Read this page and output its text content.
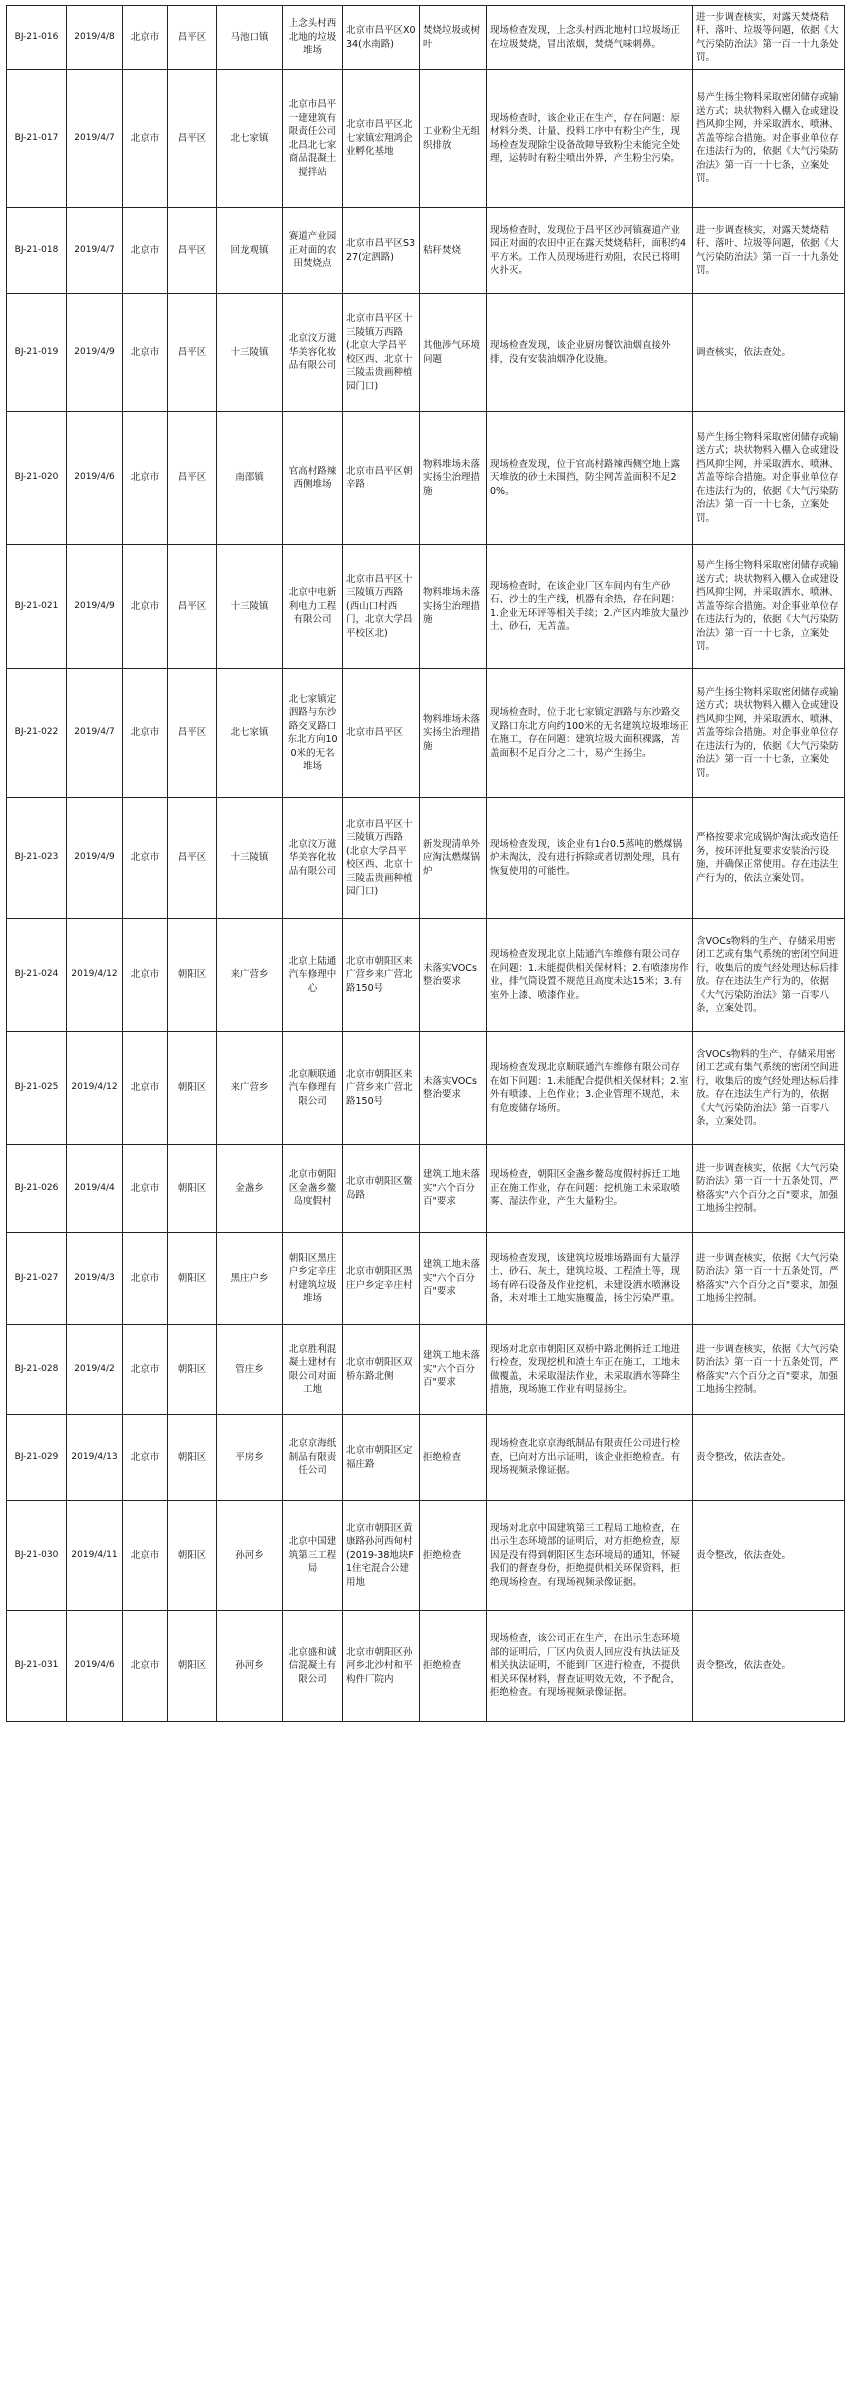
BJ-21-016	2019/4/8	北京市	昌平区	马池口镇	上念头村西北地的垃圾堆场	北京市昌平区X034(水南路)	焚烧垃圾或树叶	现场检查发现，上念头村西北地村口垃圾场正在垃圾焚烧，冒出浓烟，焚烧气味刺鼻。	进一步调查核实，对露天焚烧秸秆、落叶、垃圾等问题，依据《大气污染防治法》第一百一十九条处罚。
BJ-21-017	2019/4/7	北京市	昌平区	北七家镇	北京市昌平一建建筑有限责任公司北昌北七家商品混凝土搅拌站	北京市昌平区北七家镇宏翔鸿企业孵化基地	工业粉尘无组织排放	现场检查时，该企业正在生产，存在问题：原材料分类、计量、投料工序中有粉尘产生，现场检查发现除尘设备故障导致粉尘未能完全处理，运转时有粉尘喷出外界，产生粉尘污染。	易产生扬尘物料采取密闭储存或输送方式；块状物料入棚入仓或建设挡风抑尘网，并采取洒水、喷淋、苫盖等综合措施。对企事业单位存在违法行为的，依据《大气污染防治法》第一百一十七条，立案处罚。
BJ-21-018	2019/4/7	北京市	昌平区	回龙观镇	赛道产业园正对面的农田焚烧点	北京市昌平区S327(定泗路)	秸秆焚烧	现场检查时，发现位于昌平区沙河镇赛道产业园正对面的农田中正在露天焚烧秸秆，面积约4平方米。工作人员现场进行劝阻，农民已将明火扑灭。	进一步调查核实，对露天焚烧秸秆、落叶、垃圾等问题，依据《大气污染防治法》第一百一十九条处罚。
BJ-21-019	2019/4/9	北京市	昌平区	十三陵镇	北京汶万滋华美容化妆品有限公司	北京市昌平区十三陵镇万西路(北京大学昌平校区西、北京十三陵盂贵画种植园门口)	其他涉气环境问题	现场检查发现，该企业厨房餐饮油烟直接外排，没有安装油烟净化设施。	调查核实，依法查处。
BJ-21-020	2019/4/6	北京市	昌平区	南邵镇	官高村路辣西侧堆场	北京市昌平区朝辛路	物料堆场未落实扬尘治理措施	现场检查发现，位于官高村路辣西侧空地上露天堆放的砂土未围挡，防尘网苫盖面积不足20%。	易产生扬尘物料采取密闭储存或输送方式；块状物料入棚入仓或建设挡风抑尘网，并采取洒水、喷淋、苫盖等综合措施。对企事业单位存在违法行为的，依据《大气污染防治法》第一百一十七条，立案处罚。
BJ-21-021	2019/4/9	北京市	昌平区	十三陵镇	北京中电新利电力工程有限公司	北京市昌平区十三陵镇万西路(西山口村西门，北京大学昌平校区北)	物料堆场未落实扬尘治理措施	现场检查时，在该企业厂区车间内有生产砂石、沙土的生产线，机器有余热，存在问题：1.企业无环评等相关手续；2.产区内堆放大量沙土、砂石，无苫盖。	易产生扬尘物料采取密闭储存或输送方式；块状物料入棚入仓或建设挡风抑尘网，并采取洒水、喷淋、苫盖等综合措施。对企事业单位存在违法行为的，依据《大气污染防治法》第一百一十七条，立案处罚。
BJ-21-022	2019/4/7	北京市	昌平区	北七家镇	北七家镇定泗路与东沙路交叉路口东北方向100米的无名堆场	北京市昌平区	物料堆场未落实扬尘治理措施	现场检查时，位于北七家镇定泗路与东沙路交叉路口东北方向约100米的无名建筑垃圾堆场正在施工，存在问题：建筑垃圾大面积裸露，苫盖面积不足百分之二十，易产生扬尘。	易产生扬尘物料采取密闭储存或输送方式；块状物料入棚入仓或建设挡风抑尘网，并采取洒水、喷淋、苫盖等综合措施。对企事业单位存在违法行为的，依据《大气污染防治法》第一百一十七条，立案处罚。
BJ-21-023	2019/4/9	北京市	昌平区	十三陵镇	北京汶万滋华美容化妆品有限公司	北京市昌平区十三陵镇万西路(北京大学昌平校区西、北京十三陵盂贵画种植园门口)	新发现清单外应淘汰燃煤锅炉	现场检查发现，该企业有1台0.5蒸吨的燃煤锅炉未淘汰，没有进行拆除或者切割处理，具有恢复使用的可能性。	严格按要求完成锅炉淘汰或改造任务，按环评批复要求安装治污设施，并确保正常使用。存在违法生产行为的，依法立案处罚。
BJ-21-024	2019/4/12	北京市	朝阳区	来广营乡	北京上陆通汽车修理中心	北京市朝阳区来广营乡来广营北路150号	未落实VOCs整治要求	现场检查发现北京上陆通汽车维修有限公司存在问题：1.未能提供相关保材料；2.有喷漆房作业，排气筒设置不规范且高度未达15米；3.有室外上漆、喷漆作业。	含VOCs物料的生产、存储采用密闭工艺或有集气系统的密闭空间进行，收集后的废气经处理达标后排放。存在违法生产行为的，依据《大气污染防治法》第一百零八条，立案处罚。
BJ-21-025	2019/4/12	北京市	朝阳区	来广营乡	北京顺联通汽车修理有限公司	北京市朝阳区来广营乡来广营北路150号	未落实VOCs整治要求	现场检查发现北京顺联通汽车维修有限公司存在如下问题：1.未能配合提供相关保材料；2.室外有喷漆、上色作业；3.企业管理不规范，未有危废储存场所。	含VOCs物料的生产、存储采用密闭工艺或有集气系统的密闭空间进行，收集后的废气经处理达标后排放。存在违法生产行为的，依据《大气污染防治法》第一百零八条，立案处罚。
BJ-21-026	2019/4/4	北京市	朝阳区	金盏乡	北京市朝阳区金盏乡鳌岛度假村	北京市朝阳区鳌岛路	建筑工地未落实"六个百分百"要求	现场检查，朝阳区金盏乡鳌岛度假村拆迁工地正在施工作业，存在问题：挖机施工未采取喷雾、湿法作业，产生大量粉尘。	进一步调查核实，依据《大气污染防治法》第一百一十五条处罚，严格落实"六个百分之百"要求，加强工地扬尘控制。
BJ-21-027	2019/4/3	北京市	朝阳区	黑庄户乡	朝阳区黑庄户乡定辛庄村建筑垃圾堆场	北京市朝阳区黑庄户乡定辛庄村	建筑工地未落实"六个百分百"要求	现场检查发现，该建筑垃圾堆场路面有大量浮土、砂石、灰土，建筑垃圾、工程渣土等，现场有碎石设备及作业挖机，未建设洒水喷淋设备，未对堆土工地实施覆盖，扬尘污染严重。	进一步调查核实，依据《大气污染防治法》第一百一十五条处罚，严格落实"六个百分之百"要求，加强工地扬尘控制。
BJ-21-028	2019/4/2	北京市	朝阳区	管庄乡	北京胜利混凝土建材有限公司对面工地	北京市朝阳区双桥东路北侧	建筑工地未落实"六个百分百"要求	现场对北京市朝阳区双桥中路北侧拆迁工地进行检查，发现挖机和渣土车正在施工，工地未做覆盖，未采取湿法作业，未采取洒水等降尘措施，现场施工作业有明显扬尘。	进一步调查核实，依据《大气污染防治法》第一百一十五条处罚，严格落实"六个百分之百"要求，加强工地扬尘控制。
BJ-21-029	2019/4/13	北京市	朝阳区	平房乡	北京京海纸制品有限责任公司	北京市朝阳区定福庄路	拒绝检查	现场检查北京京海纸制品有限责任公司进行检查，已向对方出示证明，该企业拒绝检查。有现场视频录像证据。	责令整改，依法查处。
BJ-21-030	2019/4/11	北京市	朝阳区	孙河乡	北京中国建筑第三工程局	北京市朝阳区黄康路孙河西甸村(2019-38地块F1住宅混合公建用地	拒绝检查	现场对北京中国建筑第三工程局工地检查，在出示生态环境部的证明后，对方拒绝检查，原因是没有得到朝阳区生态环境局的通知，怀疑我们的督查身份，拒绝提供相关环保资料，拒绝现场检查。有现场视频录像证据。	责令整改，依法查处。
BJ-21-031	2019/4/6	北京市	朝阳区	孙河乡	北京盛和诚信混凝土有限公司	北京市朝阳区孙河乡北沙村和平构件厂院内	拒绝检查	现场检查，该公司正在生产，在出示生态环境部的证明后，厂区内负责人回应没有执法证及相关执法证明，不能到厂区进行检查，不提供相关环保材料，督查证明效无效，不予配合，拒绝检查。有现场视频录像证据。	责令整改，依法查处。
